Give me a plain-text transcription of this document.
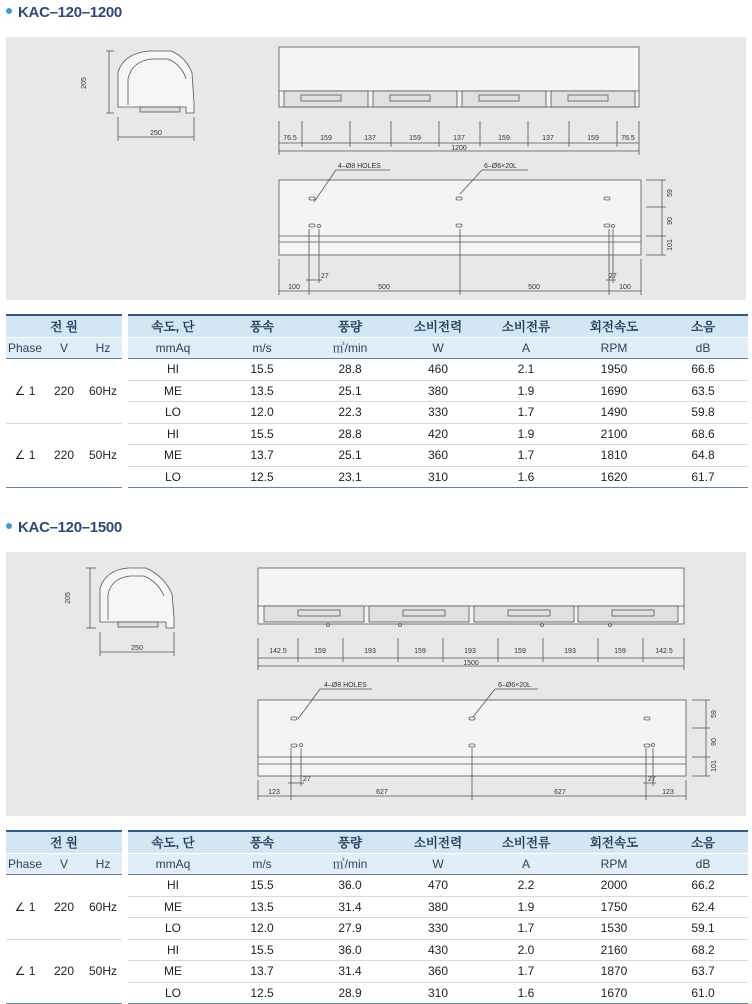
KAC–120–1200
205
250
76.5	159	137	159	137	159	137	159	76.5
1200
4–Ø8 HOLES	6–Ø6×20L
27	27
100	500	500	100
59
90
101
전 원				속도, 단	풍속	풍량	소비전력	소비전류	회전속도	소음
Phase	V	Hz		mmAq	m/s	㎥/min	W	A	RPM	dB
∠ 1	220	60Hz		HI	15.5	28.8	460	2.1	1950	66.6
				ME	13.5	25.1	380	1.9	1690	63.5
				LO	12.0	22.3	330	1.7	1490	59.8
∠ 1	220	50Hz		HI	15.5	28.8	420	1.9	2100	68.6
				ME	13.7	25.1	360	1.7	1810	64.8
				LO	12.5	23.1	310	1.6	1620	61.7
KAC–120–1500
205
250	142.5	159	193	159	193	159	193	159	142.5
1500
4–Ø8 HOLES	6–Ø6×20L
27	27
123	627	627	123
59
90
101
전 원				속도, 단	풍속	풍량	소비전력	소비전류	회전속도	소음
Phase	V	Hz		mmAq	m/s	㎥/min	W	A	RPM	dB
∠ 1	220	60Hz		HI	15.5	36.0	470	2.2	2000	66.2
				ME	13.5	31.4	380	1.9	1750	62.4
				LO	12.0	27.9	330	1.7	1530	59.1
∠ 1	220	50Hz		HI	15.5	36.0	430	2.0	2160	68.2
				ME	13.7	31.4	360	1.7	1870	63.7
				LO	12.5	28.9	310	1.6	1670	61.0
